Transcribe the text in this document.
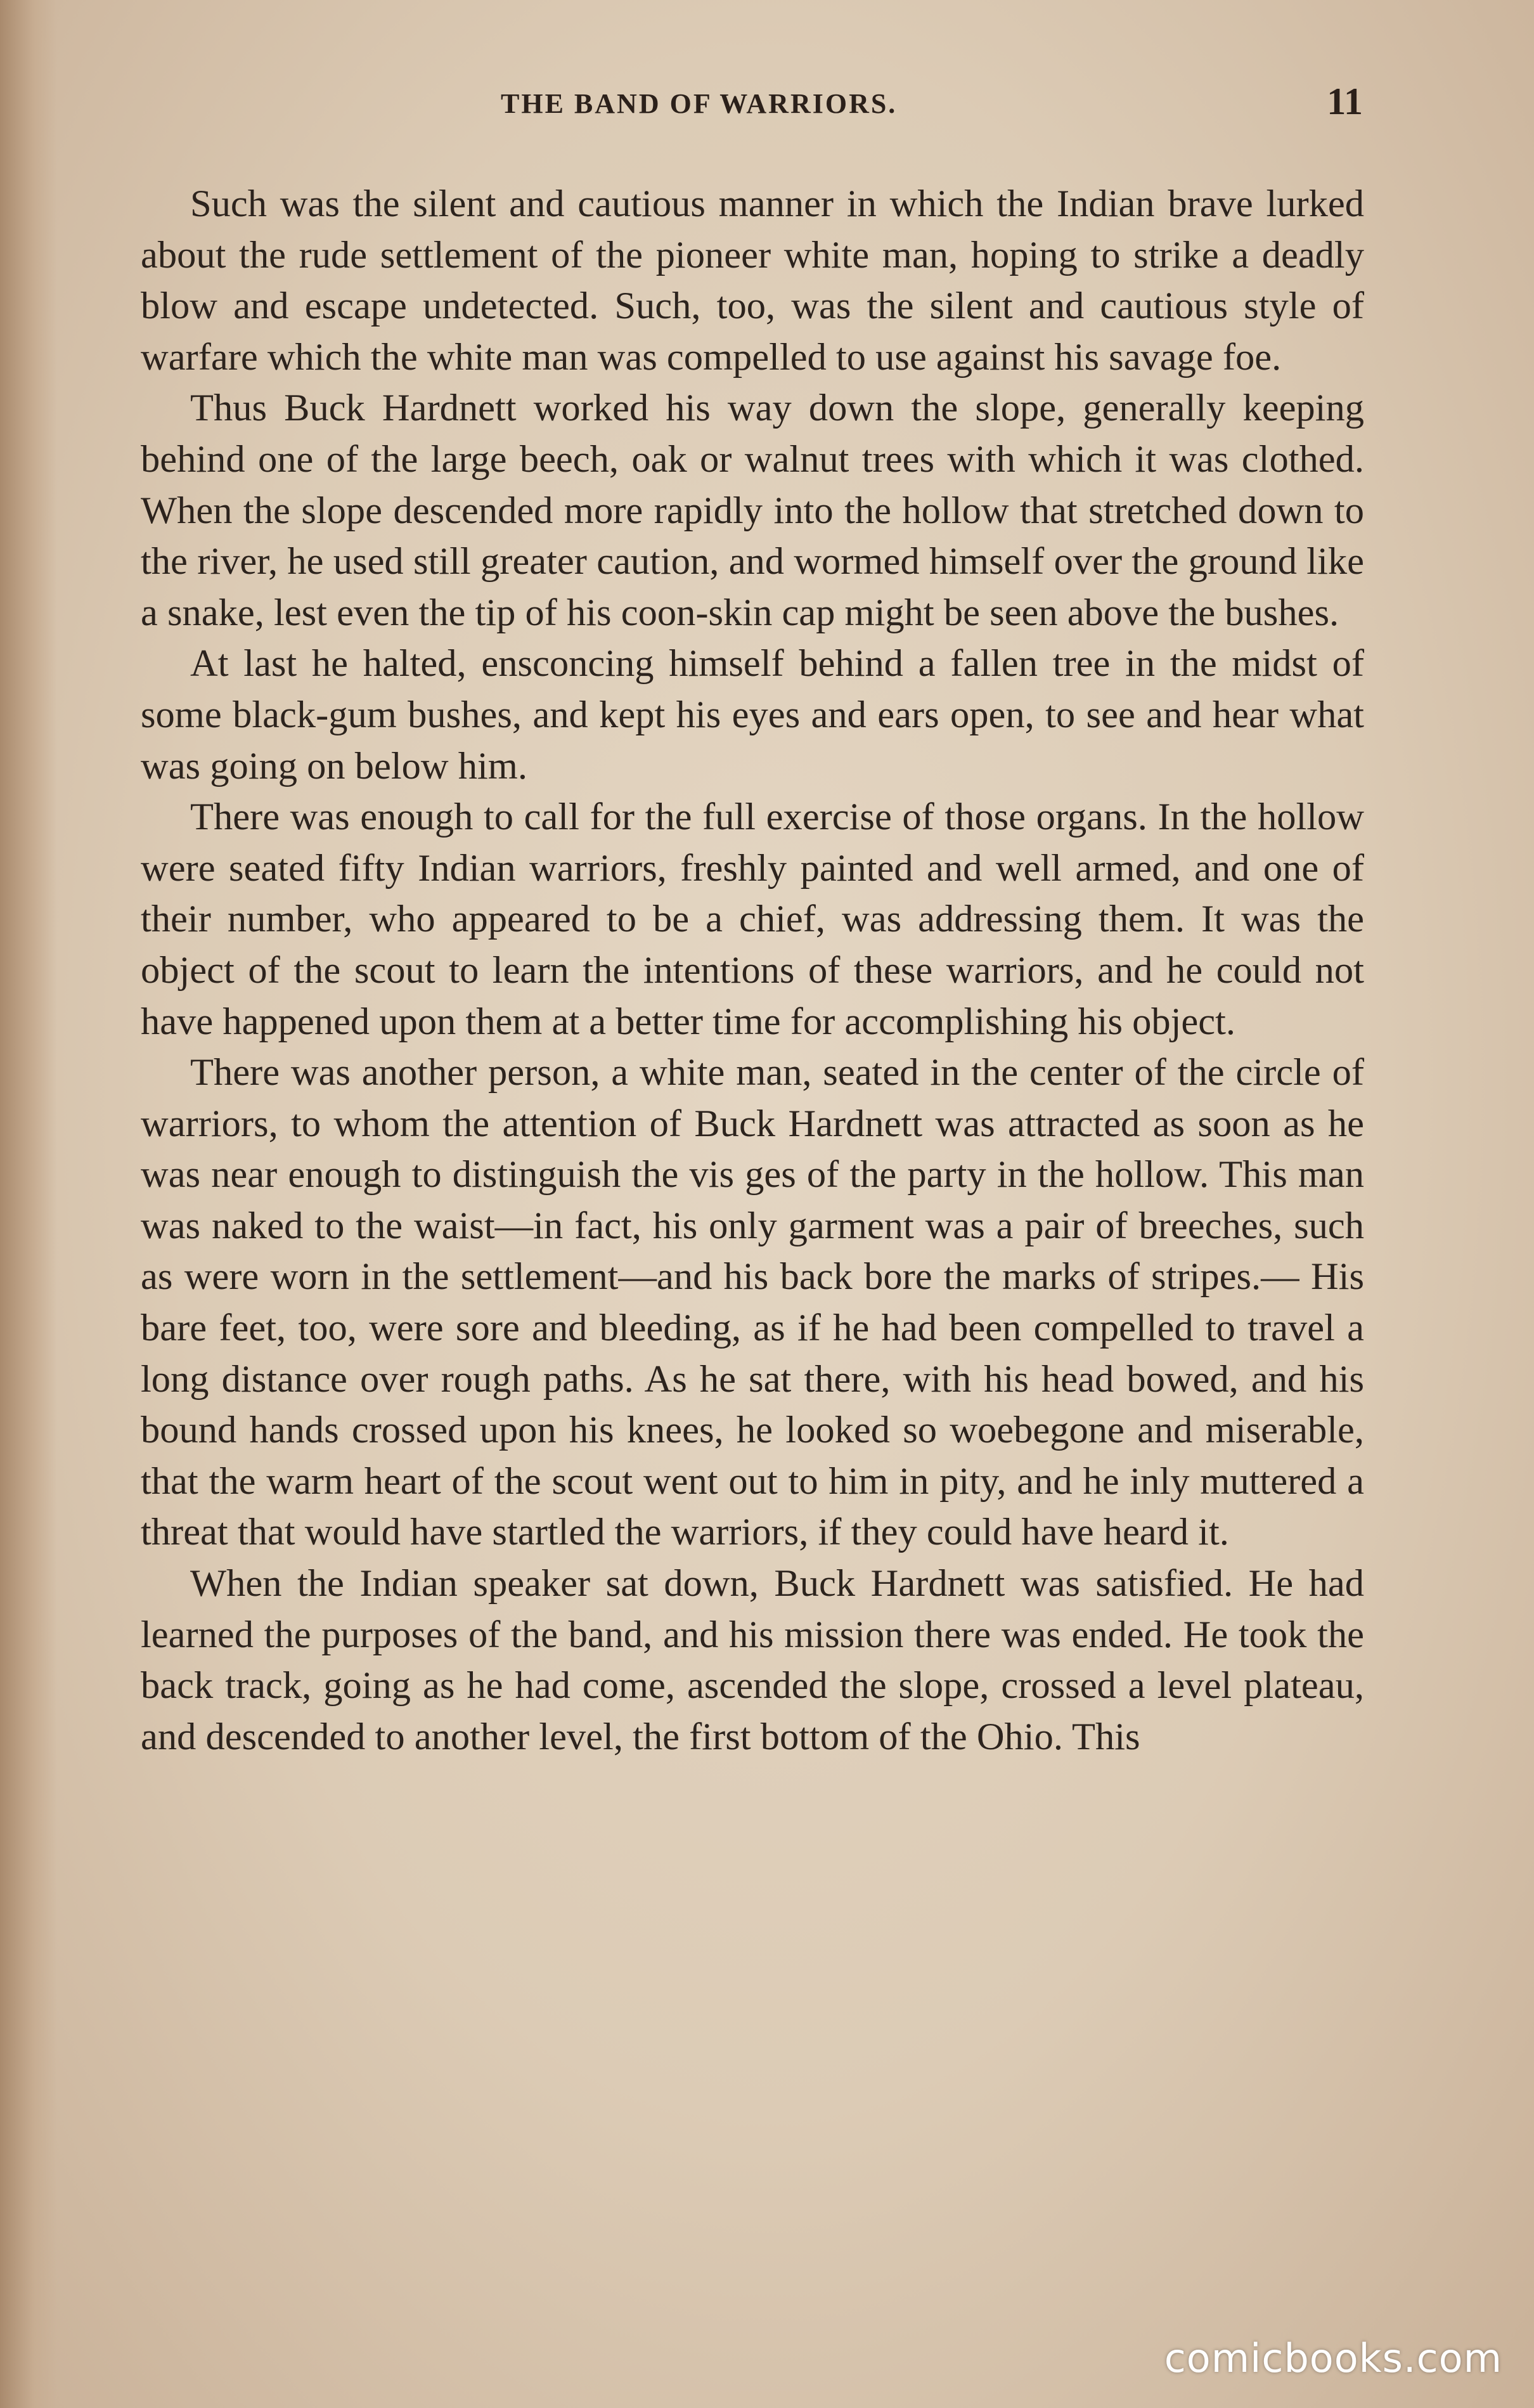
THE BAND OF WARRIORS.	11

Such was the silent and cautious manner in which the Indian brave lurked about the rude settlement of the pioneer white man, hoping to strike a deadly blow and escape undetected. Such, too, was the silent and cautious style of warfare which the white man was compelled to use against his savage foe.

Thus Buck Hardnett worked his way down the slope, generally keeping behind one of the large beech, oak or walnut trees with which it was clothed. When the slope descended more rapidly into the hollow that stretched down to the river, he used still greater caution, and wormed himself over the ground like a snake, lest even the tip of his coon-skin cap might be seen above the bushes.

At last he halted, ensconcing himself behind a fallen tree in the midst of some black-gum bushes, and kept his eyes and ears open, to see and hear what was going on below him.

There was enough to call for the full exercise of those organs. In the hollow were seated fifty Indian warriors, freshly painted and well armed, and one of their number, who appeared to be a chief, was addressing them. It was the object of the scout to learn the intentions of these warriors, and he could not have happened upon them at a better time for accomplishing his object.

There was another person, a white man, seated in the center of the circle of warriors, to whom the attention of Buck Hardnett was attracted as soon as he was near enough to distinguish the vis ges of the party in the hollow. This man was naked to the waist—in fact, his only garment was a pair of breeches, such as were worn in the settlement—and his back bore the marks of stripes.— His bare feet, too, were sore and bleeding, as if he had been compelled to travel a long distance over rough paths. As he sat there, with his head bowed, and his bound hands crossed upon his knees, he looked so woebegone and miserable, that the warm heart of the scout went out to him in pity, and he inly muttered a threat that would have startled the warriors, if they could have heard it.

When the Indian speaker sat down, Buck Hardnett was satisfied. He had learned the purposes of the band, and his mission there was ended. He took the back track, going as he had come, ascended the slope, crossed a level plateau, and descended to another level, the first bottom of the Ohio. This

comicbooks.com
